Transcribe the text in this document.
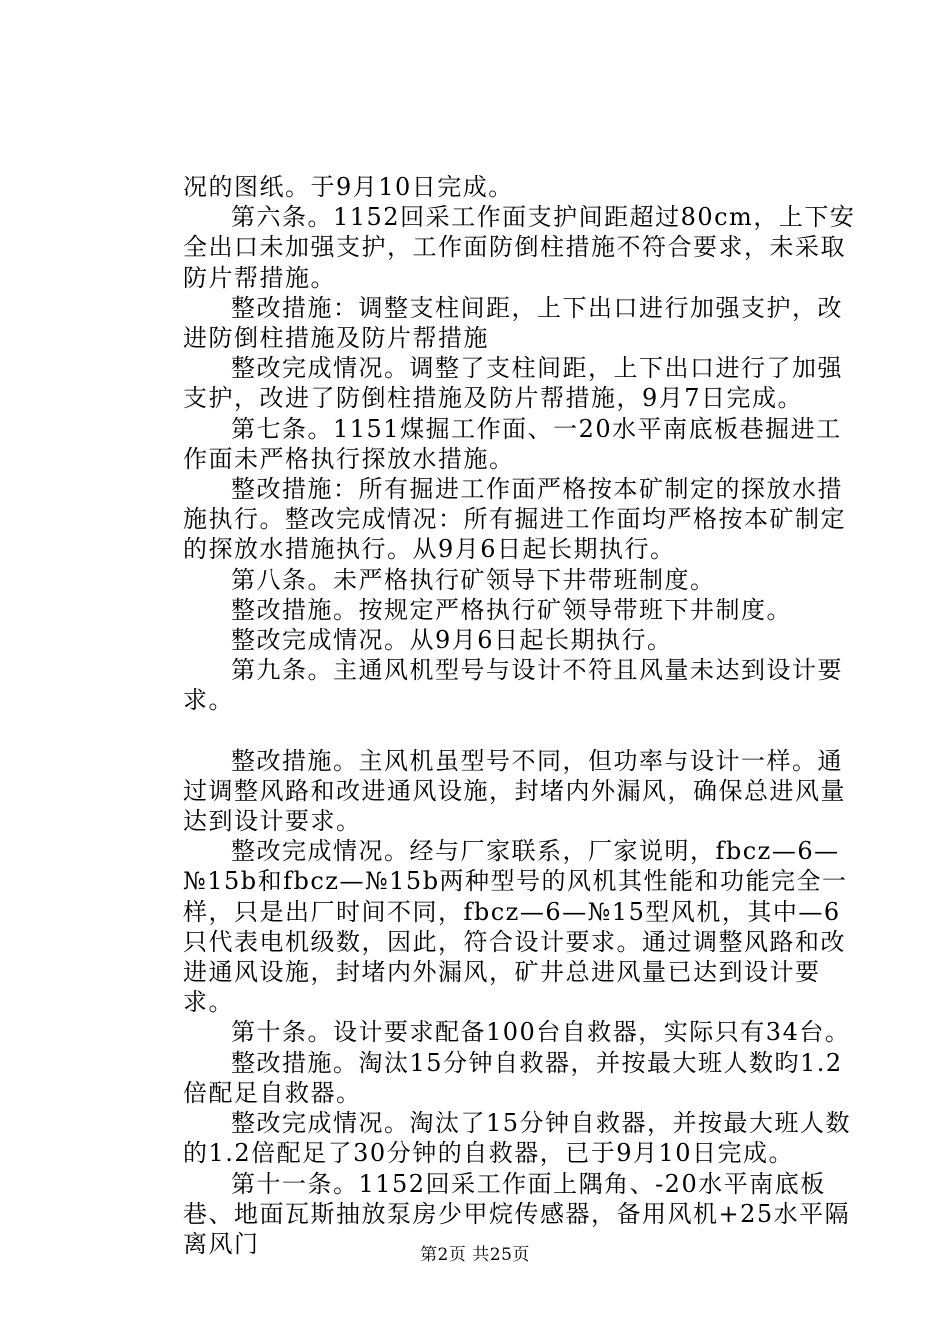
况的图纸。于9月10日完成。

第六条。1152回采工作面支护间距超过80cm，上下安全出口未加强支护，工作面防倒柱措施不符合要求，未采取防片帮措施。

整改措施：调整支柱间距，上下出口进行加强支护，改进防倒柱措施及防片帮措施

整改完成情况。调整了支柱间距，上下出口进行了加强支护，改进了防倒柱措施及防片帮措施，9月7日完成。

第七条。1151煤掘工作面、一20水平南底板巷掘进工作面未严格执行探放水措施。

整改措施：所有掘进工作面严格按本矿制定的探放水措施执行。整改完成情况：所有掘进工作面均严格按本矿制定的探放水措施执行。从9月6日起长期执行。

第八条。未严格执行矿领导下井带班制度。

整改措施。按规定严格执行矿领导带班下井制度。

整改完成情况。从9月6日起长期执行。

第九条。主通风机型号与设计不符且风量未达到设计要求。

整改措施。主风机虽型号不同，但功率与设计一样。通过调整风路和改进通风设施，封堵内外漏风，确保总进风量达到设计要求。

整改完成情况。经与厂家联系，厂家说明，fbcz—6—№15b和fbcz—№15b两种型号的风机其性能和功能完全一样，只是出厂时间不同，fbcz—6—№15型风机，其中—6只代表电机级数，因此，符合设计要求。通过调整风路和改进通风设施，封堵内外漏风，矿井总进风量已达到设计要求。

第十条。设计要求配备100台自救器，实际只有34台。

整改措施。淘汰15分钟自救器，并按最大班人数昀1.2倍配足自救器。

整改完成情况。淘汰了15分钟自救器，并按最大班人数的1.2倍配足了30分钟的自救器，已于9月10日完成。

第十一条。1152回采工作面上隅角、-20水平南底板巷、地面瓦斯抽放泵房少甲烷传感器，备用风机+25水平隔离风门	第2页 共25页
